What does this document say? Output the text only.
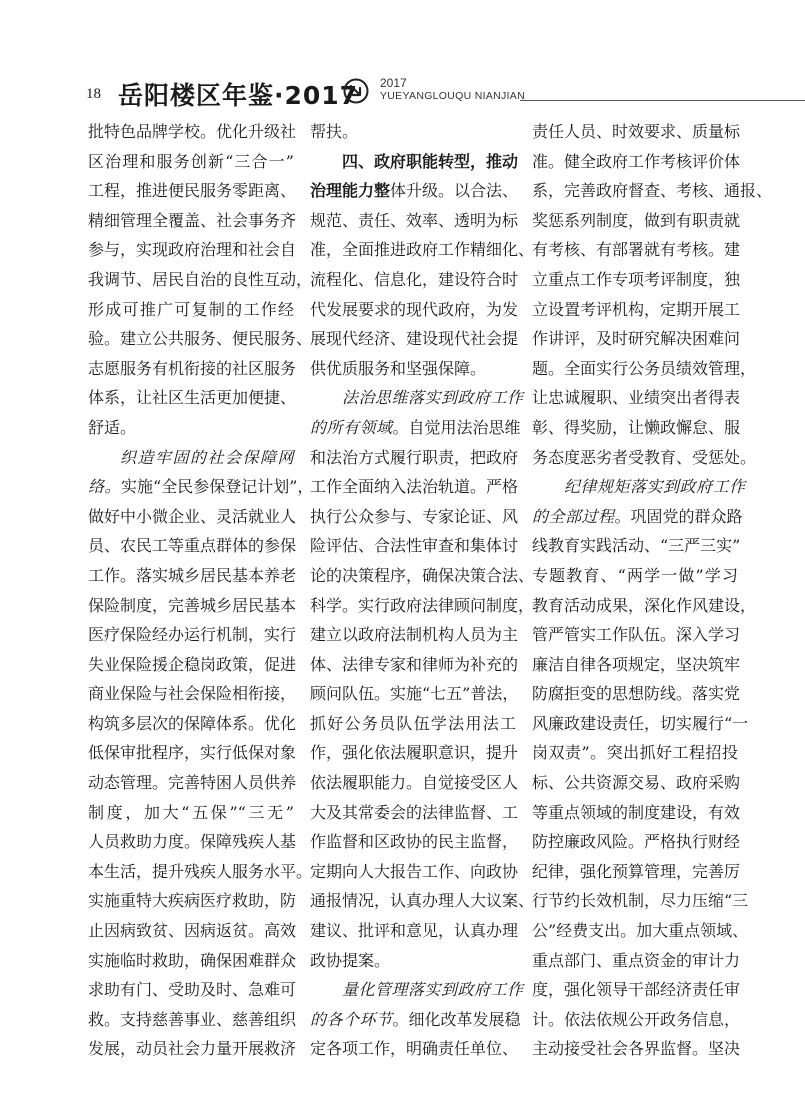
18 岳阳楼区年鉴·2017 2017
YUEYANGLOUQU NIANJIAN
批特色品牌学校。优化升级社
区治理和服务创新“三合一”
工程，推进便民服务零距离、
精细管理全覆盖、社会事务齐
参与，实现政府治理和社会自
我调节、居民自治的良性互动，
形成可推广可复制的工作经
验。建立公共服务、便民服务、
志愿服务有机衔接的社区服务
体系，让社区生活更加便捷、
舒适。
织造牢固的社会保障网
络。实施“全民参保登记计划”，
做好中小微企业、灵活就业人
员、农民工等重点群体的参保
工作。落实城乡居民基本养老
保险制度，完善城乡居民基本
医疗保险经办运行机制，实行
失业保险援企稳岗政策，促进
商业保险与社会保险相衔接，
构筑多层次的保障体系。优化
低保审批程序，实行低保对象
动态管理。完善特困人员供养
制度，加大“五保”“三无”
人员救助力度。保障残疾人基
本生活，提升残疾人服务水平。
实施重特大疾病医疗救助，防
止因病致贫、因病返贫。高效
实施临时救助，确保困难群众
求助有门、受助及时、急难可
救。支持慈善事业、慈善组织
发展，动员社会力量开展救济
帮扶。
四、政府职能转型，推动
治理能力整体升级。以合法、
规范、责任、效率、透明为标
准，全面推进政府工作精细化、
流程化、信息化，建设符合时
代发展要求的现代政府，为发
展现代经济、建设现代社会提
供优质服务和坚强保障。
法治思维落实到政府工作
的所有领域。自觉用法治思维
和法治方式履行职责，把政府
工作全面纳入法治轨道。严格
执行公众参与、专家论证、风
险评估、合法性审查和集体讨
论的决策程序，确保决策合法、
科学。实行政府法律顾问制度，
建立以政府法制机构人员为主
体、法律专家和律师为补充的
顾问队伍。实施“七五”普法，
抓好公务员队伍学法用法工
作，强化依法履职意识，提升
依法履职能力。自觉接受区人
大及其常委会的法律监督、工
作监督和区政协的民主监督，
定期向人大报告工作、向政协
通报情况，认真办理人大议案、
建议、批评和意见，认真办理
政协提案。
量化管理落实到政府工作
的各个环节。细化改革发展稳
定各项工作，明确责任单位、
责任人员、时效要求、质量标
准。健全政府工作考核评价体
系，完善政府督查、考核、通报、
奖惩系列制度，做到有职责就
有考核、有部署就有考核。建
立重点工作专项考评制度，独
立设置考评机构，定期开展工
作讲评，及时研究解决困难问
题。全面实行公务员绩效管理，
让忠诚履职、业绩突出者得表
彰、得奖励，让懒政懈怠、服
务态度恶劣者受教育、受惩处。
纪律规矩落实到政府工作
的全部过程。巩固党的群众路
线教育实践活动、“三严三实”
专题教育、“两学一做”学习
教育活动成果，深化作风建设，
管严管实工作队伍。深入学习
廉洁自律各项规定，坚决筑牢
防腐拒变的思想防线。落实党
风廉政建设责任，切实履行“一
岗双责”。突出抓好工程招投
标、公共资源交易、政府采购
等重点领域的制度建设，有效
防控廉政风险。严格执行财经
纪律，强化预算管理，完善厉
行节约长效机制，尽力压缩“三
公”经费支出。加大重点领域、
重点部门、重点资金的审计力
度，强化领导干部经济责任审
计。依法依规公开政务信息，
主动接受社会各界监督。坚决
